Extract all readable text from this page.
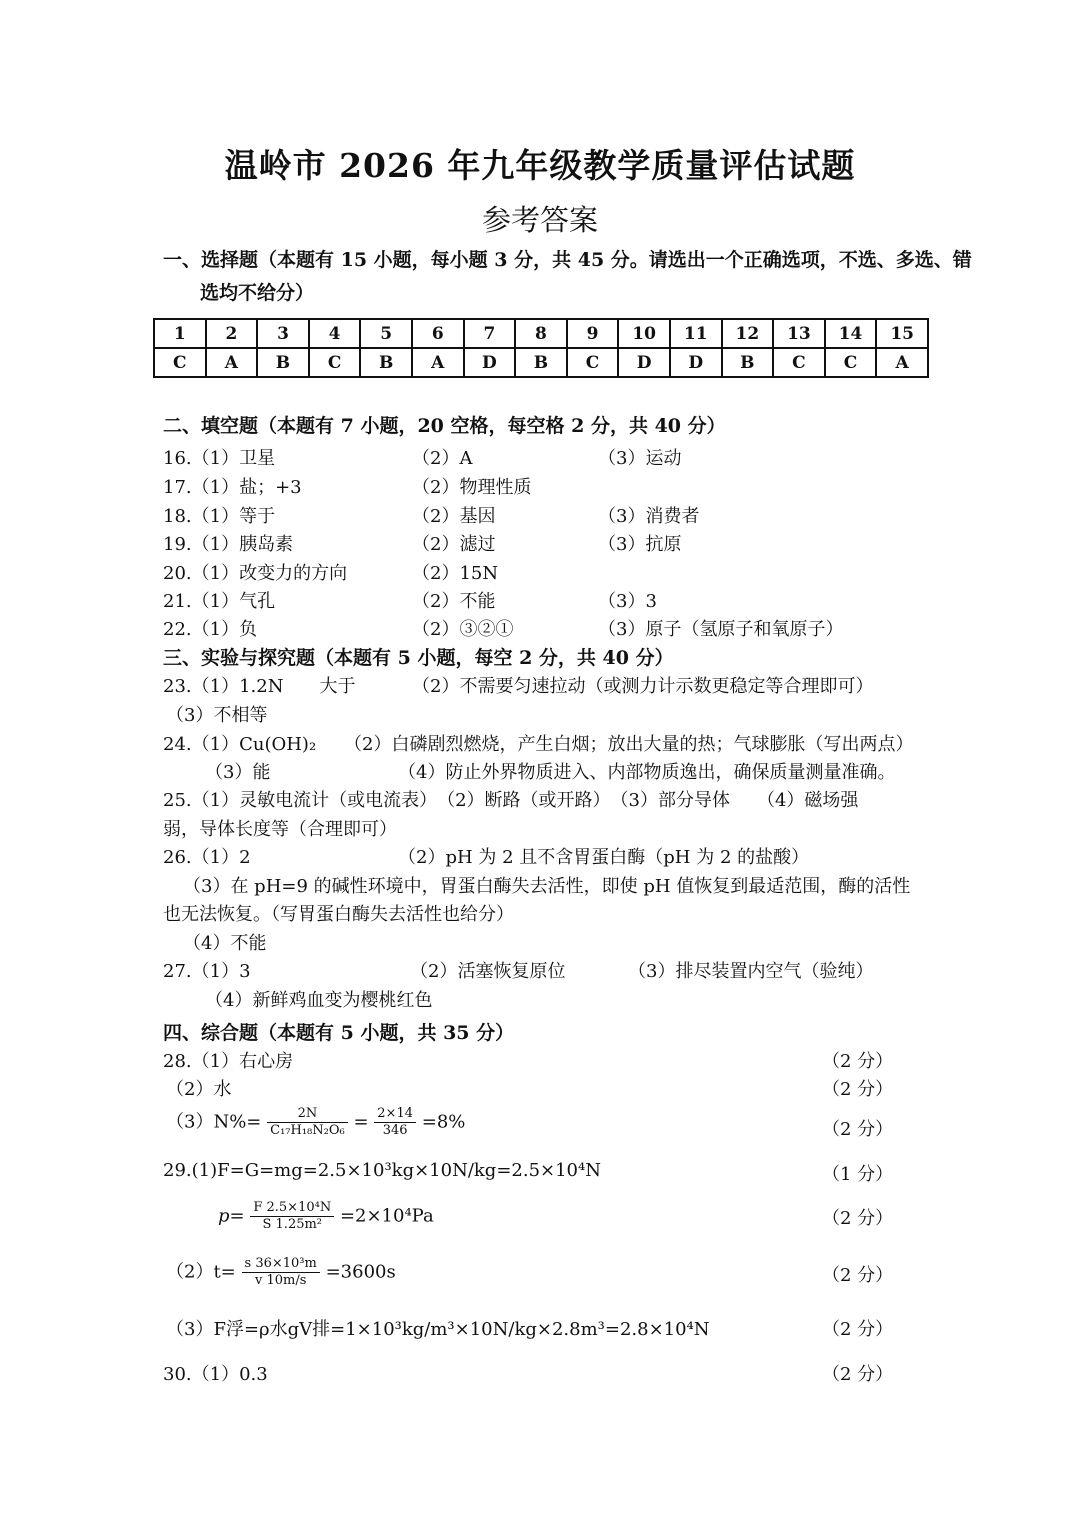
温岭市 2026 年九年级教学质量评估试题
参考答案
一、选择题（本题有 15 小题，每小题 3 分，共 45 分。请选出一个正确选项，不选、多选、错
选均不给分）
1	2	3	4	5	6	7	8	9	10	11	12	13	14	15
C	A	B	C	B	A	D	B	C	D	D	B	C	C	A
二、填空题（本题有 7 小题，20 空格，每空格 2 分，共 40 分）
16.（1）卫星	（2）A	（3）运动
17.（1）盐；+3	（2）物理性质
18.（1）等于	（2）基因	（3）消费者
19.（1）胰岛素	（2）滤过	（3）抗原
20.（1）改变力的方向	（2）15N
21.（1）气孔	（2）不能	（3）3
22.（1）负	（2）③②①	（3）原子（氢原子和氧原子）
三、实验与探究题（本题有 5 小题，每空 2 分，共 40 分）
23.（1）1.2N　　大于	（2）不需要匀速拉动（或测力计示数更稳定等合理即可）
（3）不相等
24.（1）Cu(OH)₂ （2）白磷剧烈燃烧，产生白烟；放出大量的热；气球膨胀（写出两点）
（3）能	（4）防止外界物质进入、内部物质逸出，确保质量测量准确。
25.（1）灵敏电流计（或电流表）　（2）断路（或开路）　（3）部分导体　　（4）磁场强
弱，导体长度等（合理即可）
26.（1）2	（2）pH 为 2 且不含胃蛋白酶（pH 为 2 的盐酸）
（3）在 pH=9 的碱性环境中，胃蛋白酶失去活性，即使 pH 值恢复到最适范围，酶的活性
也无法恢复。（写胃蛋白酶失去活性也给分）
（4）不能
27.（1）3	（2）活塞恢复原位	（3）排尽装置内空气（验纯）
（4）新鲜鸡血变为樱桃红色
四、综合题（本题有 5 小题，共 35 分）
28.（1）右心房	（2 分）
（2）水	（2 分）
$(3)N\%= \frac{2N}{\text{C₁₇H₁₈N₂O₆}} = \frac{2\times 14}{346} =8\%$	（2 分）
29.(1)F=G=mg=2.5×10³kg×10N/kg=2.5×10⁴N	（1 分）
$p= \frac{\text{F 2.5×10⁴N}}{\text{S 1.25m²}} =2\times 10^4Pa$	（2 分）
$(2)t= \frac{\text{s 36×10³m}}{v 10m/s} =3600s$	（2 分）
（3）F浮=ρ水gV排=1×10³kg/m³×10N/kg×2.8m³=2.8×10⁴N	（2 分）
30.（1）0.3	（2 分）
